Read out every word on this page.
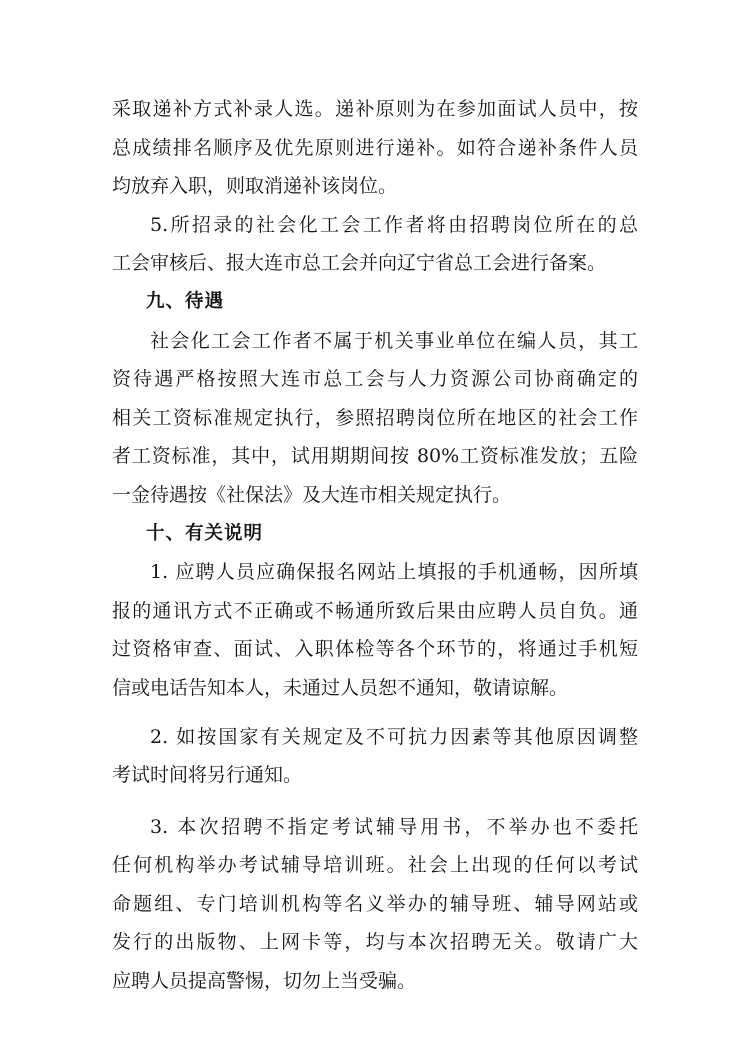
采取递补方式补录人选。递补原则为在参加面试人员中，按
总成绩排名顺序及优先原则进行递补。如符合递补条件人员
均放弃入职，则取消递补该岗位。
5.所招录的社会化工会工作者将由招聘岗位所在的总
工会审核后、报大连市总工会并向辽宁省总工会进行备案。
九、待遇
社会化工会工作者不属于机关事业单位在编人员，其工
资待遇严格按照大连市总工会与人力资源公司协商确定的
相关工资标准规定执行，参照招聘岗位所在地区的社会工作
者工资标准，其中，试用期期间按 80%工资标准发放；五险
一金待遇按《社保法》及大连市相关规定执行。
十、有关说明
1. 应聘人员应确保报名网站上填报的手机通畅，因所填
报的通讯方式不正确或不畅通所致后果由应聘人员自负。通
过资格审查、面试、入职体检等各个环节的，将通过手机短
信或电话告知本人，未通过人员恕不通知，敬请谅解。
2. 如按国家有关规定及不可抗力因素等其他原因调整
考试时间将另行通知。
3. 本次招聘不指定考试辅导用书，不举办也不委托
任何机构举办考试辅导培训班。社会上出现的任何以考试
命题组、专门培训机构等名义举办的辅导班、辅导网站或
发行的出版物、上网卡等，均与本次招聘无关。敬请广大
应聘人员提高警惕，切勿上当受骗。
